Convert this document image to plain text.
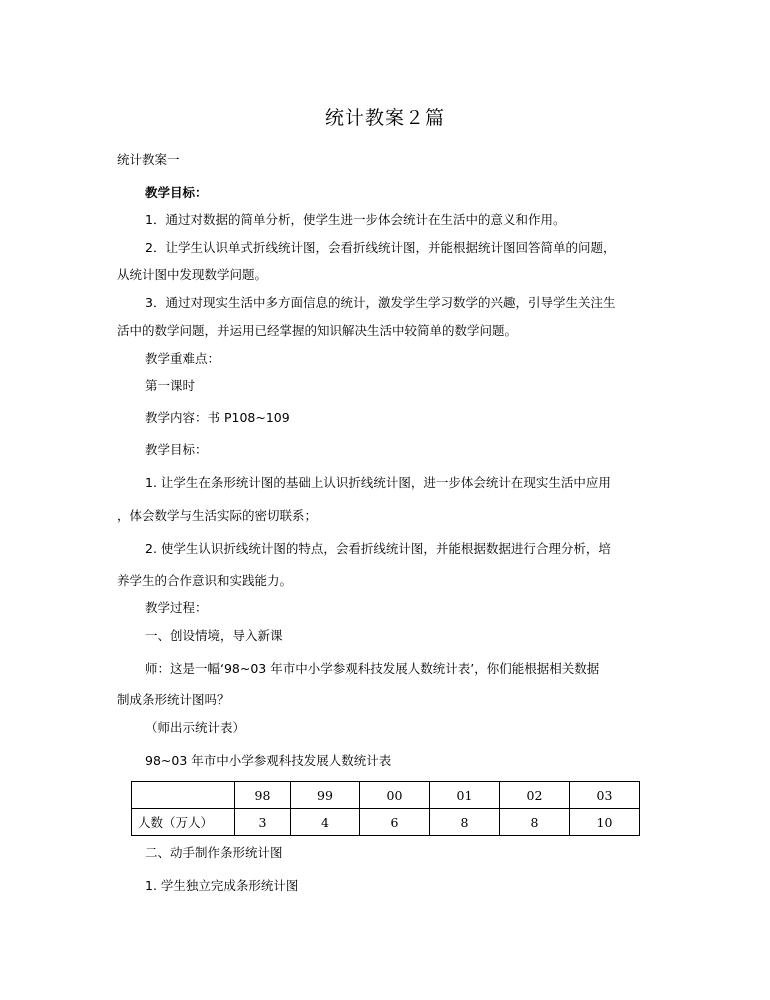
统计教案２篇
统计教案一
教学目标：
1．通过对数据的简单分析，使学生进一步体会统计在生活中的意义和作用。
2．让学生认识单式折线统计图，会看折线统计图，并能根据统计图回答简单的问题，
从统计图中发现数学问题。
3．通过对现实生活中多方面信息的统计，激发学生学习数学的兴趣，引导学生关注生
活中的数学问题，并运用已经掌握的知识解决生活中较简单的数学问题。
教学重难点：
第一课时
教学内容：书 P108~109
教学目标：
1. 让学生在条形统计图的基础上认识折线统计图，进一步体会统计在现实生活中应用
，体会数学与生活实际的密切联系；
2. 使学生认识折线统计图的特点，会看折线统计图，并能根据数据进行合理分析，培
养学生的合作意识和实践能力。
教学过程：
一、创设情境，导入新课
师：这是一幅‘98~03 年市中小学参观科技发展人数统计表’，你们能根据相关数据
制成条形统计图吗？
（师出示统计表）
98~03 年市中小学参观科技发展人数统计表
	98	99	00	01	02	03
人数（万人）	3	4	6	8	8	10
二、动手制作条形统计图
1. 学生独立完成条形统计图
